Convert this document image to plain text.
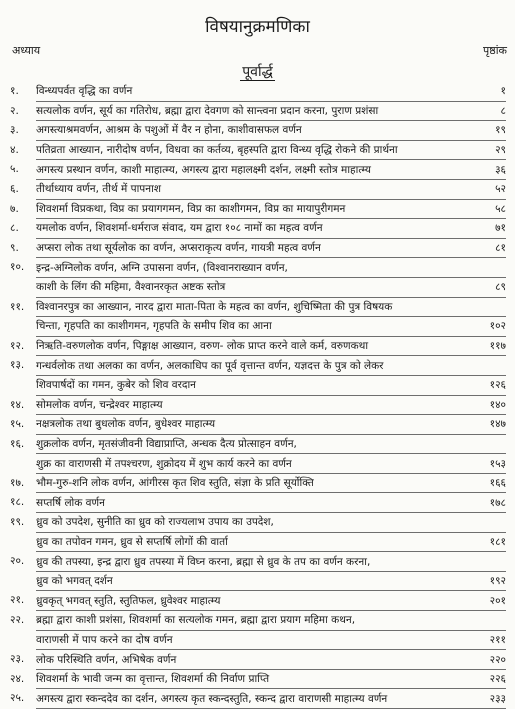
विषयानुक्रमणिका
अध्याय	पृष्ठांक
पूर्वार्द्ध
१.	विन्ध्यपर्वत वृद्धि का वर्णन	१
२.	सत्यलोक वर्णन, सूर्य का गतिरोध, ब्रह्मा द्वारा देवगण को सान्त्वना प्रदान करना, पुराण प्रशंसा	८
३.	अगस्त्याश्रमवर्णन, आश्रम के पशुओं में वैर न होना, काशीवासफल वर्णन	१९
४.	पतिव्रता आख्यान, नारीदोष वर्णन, विधवा का कर्तव्य, बृहस्पति द्वारा विन्ध्य वृद्धि रोकने की प्रार्थना	२९
५.	अगस्त्य प्रस्थान वर्णन, काशी माहात्म्य, अगस्त्य द्वारा महालक्ष्मी दर्शन, लक्ष्मी स्तोत्र माहात्म्य	३६
६.	तीर्थाध्याय वर्णन, तीर्थ में पापनाश	५२
७.	शिवशर्मा विप्रकथा, विप्र का प्रयागगमन, विप्र का काशीगमन, विप्र का मायापुरीगमन	५८
८.	यमलोक वर्णन, शिवशर्मा-धर्मराज संवाद, यम द्वारा १०८ नामों का महत्व वर्णन	७१
९.	अप्सरा लोक तथा सूर्यलोक का वर्णन, अप्सराकृत्य वर्णन, गायत्री महत्व वर्णन	८१
१०.	इन्द्र-अग्निलोक वर्णन, अग्नि उपासना वर्णन, (विश्वानराख्यान वर्णन,
काशी के लिंग की महिमा, वैश्वानरकृत अष्टक स्तोत्र	८९
११.	विश्वानरपुत्र का आख्यान, नारद द्वारा माता-पिता के महत्व का वर्णन, शुचिष्मिता की पुत्र विषयक
चिन्ता, गृहपति का काशीगमन, गृहपति के समीप शिव का आना	१०२
१२.	निऋति-वरुणलोक वर्णन, पिङ्गाक्ष आख्यान, वरुण- लोक प्राप्त करने वाले कर्म, वरुणकथा	११७
१३.	गन्धर्वलोक तथा अलका का वर्णन, अलकाधिप का पूर्व वृत्तान्त वर्णन, यज्ञदत्त के पुत्र को लेकर
शिवपार्षदों का गमन, कुबेर को शिव वरदान	१२६
१४.	सोमलोक वर्णन, चन्द्रेश्वर माहात्म्य	१४०
१५.	नक्षत्रलोक तथा बुधलोक वर्णन, बुधेश्वर माहात्म्य	१४७
१६.	शुक्रलोक वर्णन, मृतसंजीवनी विद्याप्राप्ति, अन्धक दैत्य प्रोत्साहन वर्णन,
शुक्र का वाराणसी में तपश्चरण, शुक्रोदय में शुभ कार्य करने का वर्णन	१५३
१७.	भौम-गुरु-शनि लोक वर्णन, आंगीरस कृत शिव स्तुति, संज्ञा के प्रति सूर्योक्ति	१६६
१८.	सप्तर्षि लोक वर्णन	१७८
१९.	ध्रुव को उपदेश, सुनीति का ध्रुव को राज्यलाभ उपाय का उपदेश,
ध्रुव का तपोवन गमन, ध्रुव से सप्तर्षि लोगों की वार्ता	१८१
२०.	ध्रुव की तपस्या, इन्द्र द्वारा ध्रुव तपस्या में विघ्न करना, ब्रह्मा से ध्रुव के तप का वर्णन करना,
ध्रुव को भगवत् दर्शन	१९२
२१.	ध्रुवकृत् भगवत् स्तुति, स्तुतिफल, ध्रुवेश्वर माहात्म्य	२०१
२२.	ब्रह्मा द्वारा काशी प्रशंसा, शिवशर्मा का सत्यलोक गमन, ब्रह्मा द्वारा प्रयाग महिमा कथन,
वाराणसी में पाप करने का दोष वर्णन	२११
२३.	लोक परिस्थिति वर्णन, अभिषेक वर्णन	२२०
२४.	शिवशर्मा के भावी जन्म का वृत्तान्त, शिवशर्मा की निर्वाण प्राप्ति	२२६
२५.	अगस्त्य द्वारा स्कन्ददेव का दर्शन, अगस्त्य कृत स्कन्दस्तुति, स्कन्द द्वारा वाराणसी माहात्म्य वर्णन	२३३
